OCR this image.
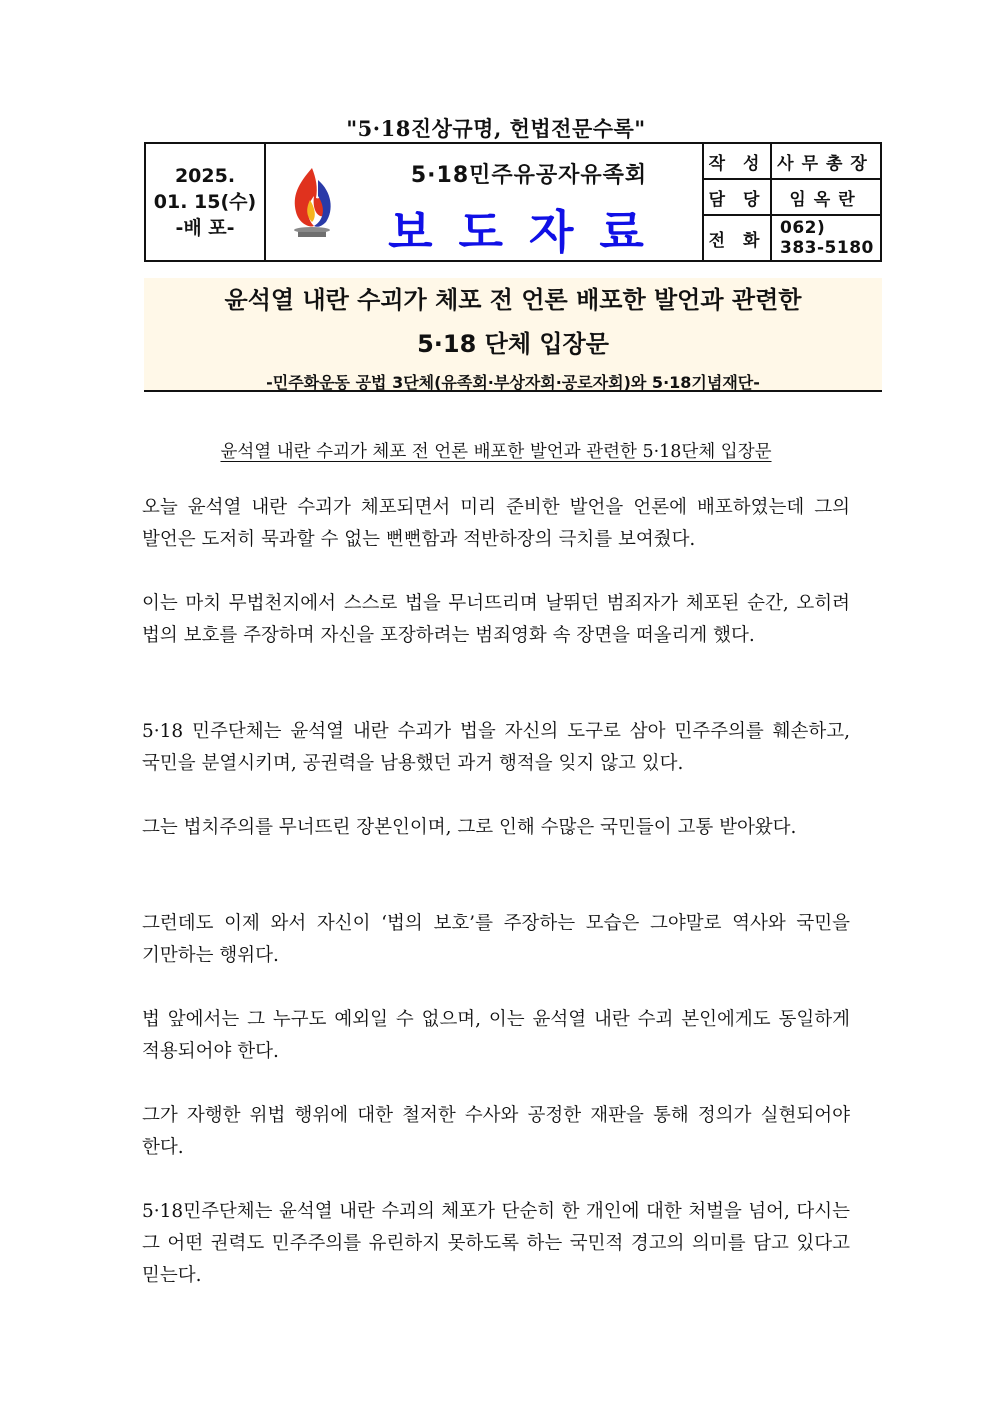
"5·18진상규명, 헌법전문수록"
2025.
01. 15(수)
-배 포-
5·18민주유공자유족회
보도자료
작 성 사무총장
담 당	임옥란
전 화
062)
383-5180
윤석열 내란 수괴가 체포 전 언론 배포한 발언과 관련한
5·18 단체 입장문
-민주화운동 공법 3단체(유족회·부상자회·공로자회)와 5·18기념재단-
윤석열 내란 수괴가 체포 전 언론 배포한 발언과 관련한 5·18단체 입장문
오늘 윤석열 내란 수괴가 체포되면서 미리 준비한 발언을 언론에 배포하였는데 그의 발언은 도저히 묵과할 수 없는 뻔뻔함과 적반하장의 극치를 보여줬다.
이는 마치 무법천지에서 스스로 법을 무너뜨리며 날뛰던 범죄자가 체포된 순간, 오히려 법의 보호를 주장하며 자신을 포장하려는 범죄영화 속 장면을 떠올리게 했다.
5·18 민주단체는 윤석열 내란 수괴가 법을 자신의 도구로 삼아 민주주의를 훼손하고, 국민을 분열시키며, 공권력을 남용했던 과거 행적을 잊지 않고 있다.
그는 법치주의를 무너뜨린 장본인이며, 그로 인해 수많은 국민들이 고통 받아왔다.
그런데도 이제 와서 자신이 ‘법의 보호’를 주장하는 모습은 그야말로 역사와 국민을 기만하는 행위다.
법 앞에서는 그 누구도 예외일 수 없으며, 이는 윤석열 내란 수괴 본인에게도 동일하게 적용되어야 한다.
그가 자행한 위법 행위에 대한 철저한 수사와 공정한 재판을 통해 정의가 실현되어야 한다.
5·18민주단체는 윤석열 내란 수괴의 체포가 단순히 한 개인에 대한 처벌을 넘어, 다시는 그 어떤 권력도 민주주의를 유린하지 못하도록 하는 국민적 경고의 의미를 담고 있다고 믿는다.
